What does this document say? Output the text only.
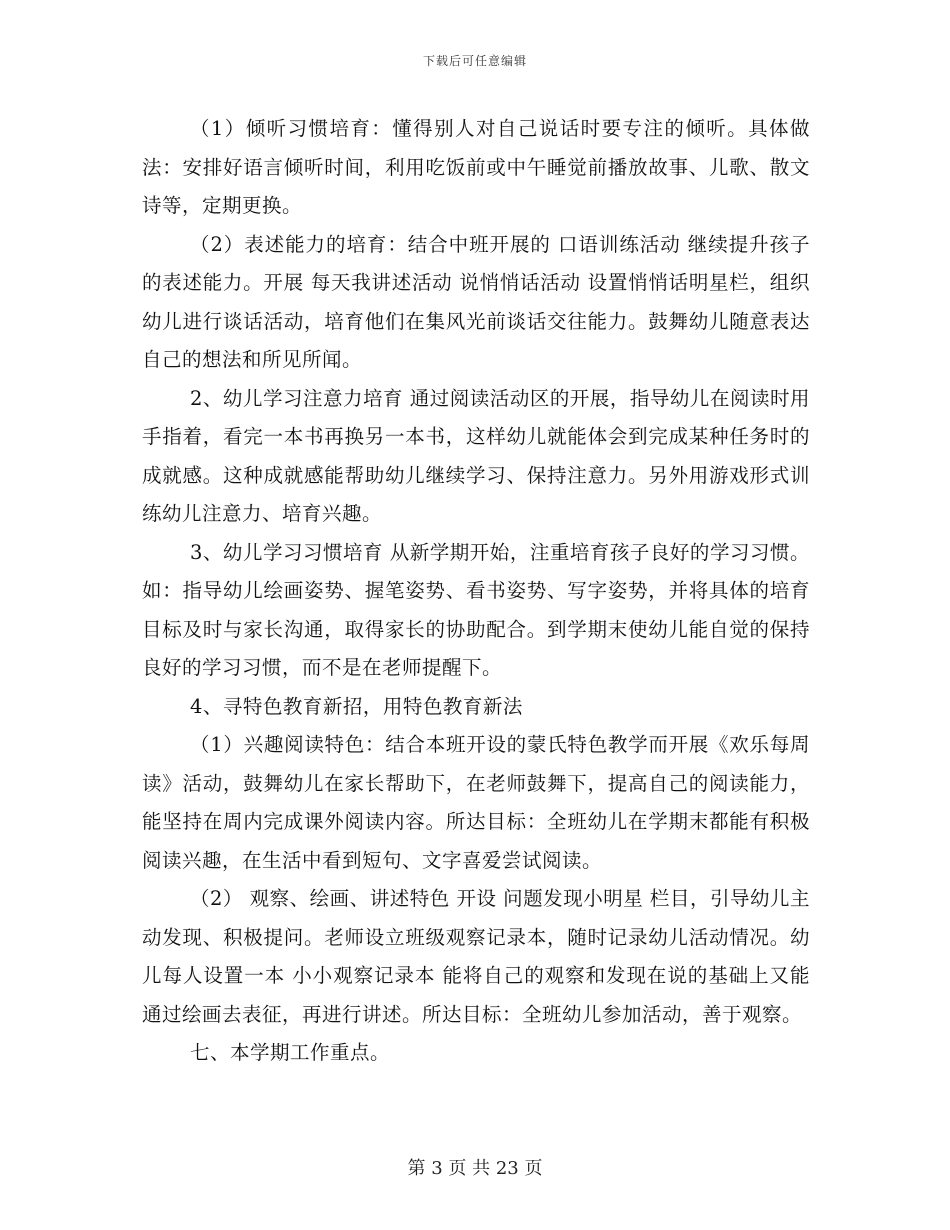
下载后可任意编辑

（1）倾听习惯培育：懂得别人对自己说话时要专注的倾听。具体做法：安排好语言倾听时间，利用吃饭前或中午睡觉前播放故事、儿歌、散文诗等，定期更换。

（2）表述能力的培育：结合中班开展的 口语训练活动 继续提升孩子的表述能力。开展 每天我讲述活动 说悄悄话活动 设置悄悄话明星栏，组织幼儿进行谈话活动，培育他们在集风光前谈话交往能力。鼓舞幼儿随意表达自己的想法和所见所闻。

2、幼儿学习注意力培育 通过阅读活动区的开展，指导幼儿在阅读时用手指着，看完一本书再换另一本书，这样幼儿就能体会到完成某种任务时的成就感。这种成就感能帮助幼儿继续学习、保持注意力。另外用游戏形式训练幼儿注意力、培育兴趣。

3、幼儿学习习惯培育 从新学期开始，注重培育孩子良好的学习习惯。如：指导幼儿绘画姿势、握笔姿势、看书姿势、写字姿势，并将具体的培育目标及时与家长沟通，取得家长的协助配合。到学期末使幼儿能自觉的保持良好的学习习惯，而不是在老师提醒下。

4、寻特色教育新招，用特色教育新法

（1）兴趣阅读特色：结合本班开设的蒙氏特色教学而开展《欢乐每周读》活动，鼓舞幼儿在家长帮助下，在老师鼓舞下，提高自己的阅读能力，能坚持在周内完成课外阅读内容。所达目标：全班幼儿在学期末都能有积极阅读兴趣，在生活中看到短句、文字喜爱尝试阅读。

（2） 观察、绘画、讲述特色 开设 问题发现小明星 栏目，引导幼儿主动发现、积极提问。老师设立班级观察记录本，随时记录幼儿活动情况。幼儿每人设置一本 小小观察记录本 能将自己的观察和发现在说的基础上又能通过绘画去表征，再进行讲述。所达目标：全班幼儿参加活动，善于观察。

七、本学期工作重点。

第 3 页 共 23 页
